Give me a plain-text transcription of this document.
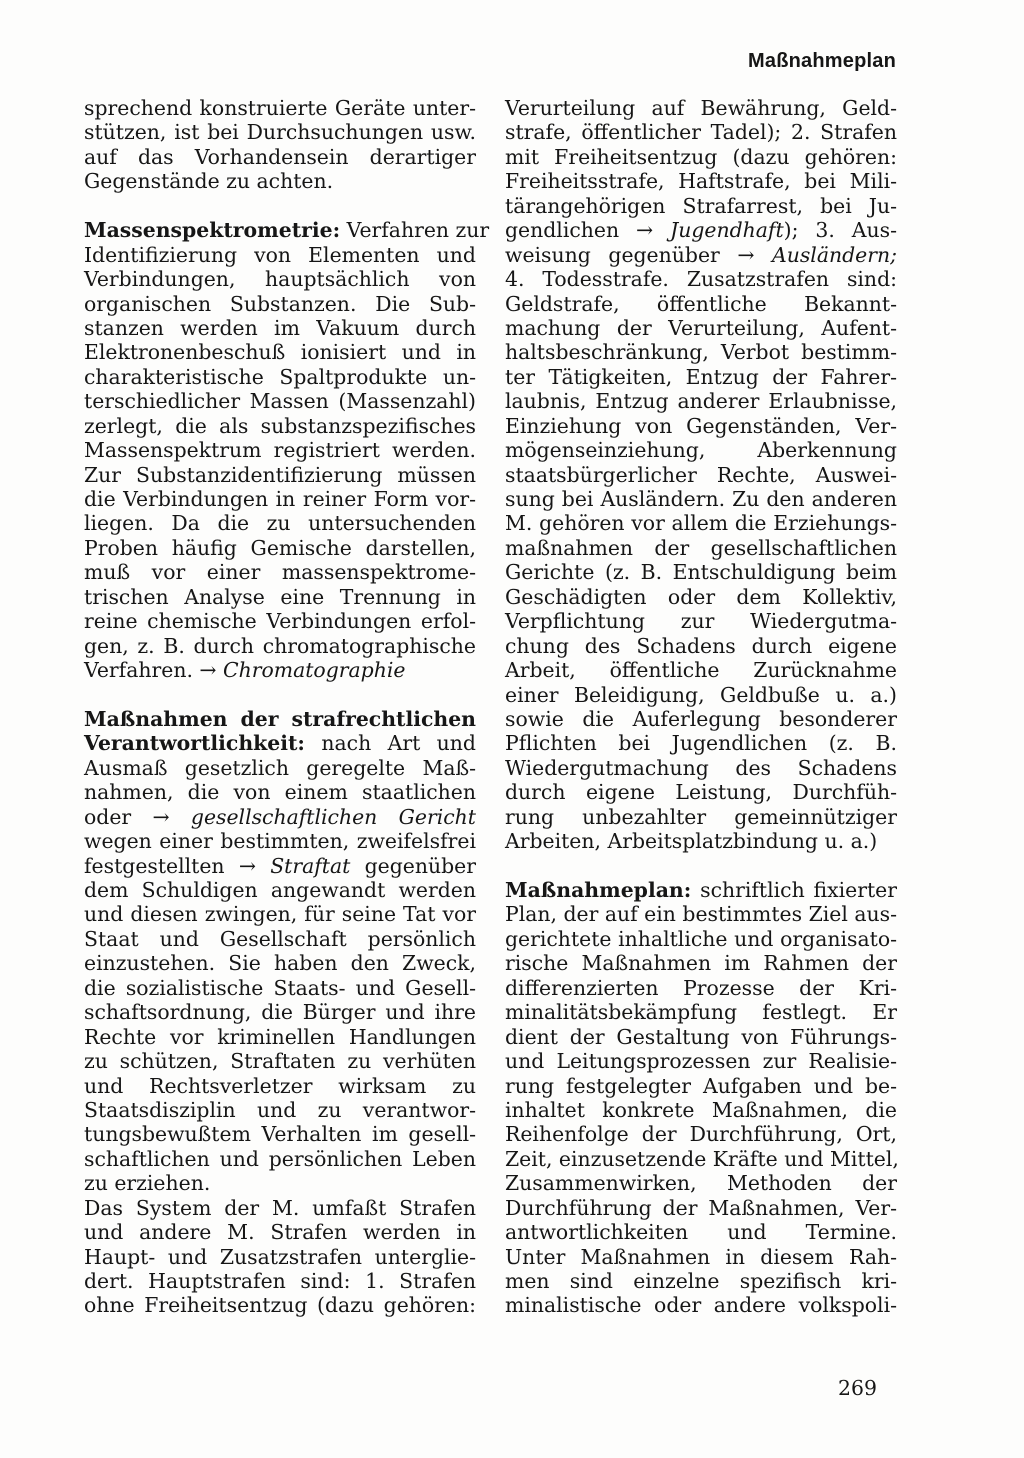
Maßnahmeplan
sprechend konstruierte Geräte unter-
stützen, ist bei Durchsuchungen usw.
auf das Vorhandensein derartiger
Gegenstände zu achten.
Massenspektrometrie: Verfahren zur
Identifizierung von Elementen und
Verbindungen, hauptsächlich von
organischen Substanzen. Die Sub-
stanzen werden im Vakuum durch
Elektronenbeschuß ionisiert und in
charakteristische Spaltprodukte un-
terschiedlicher Massen (Massenzahl)
zerlegt, die als substanzspezifisches
Massenspektrum registriert werden.
Zur Substanzidentifizierung müssen
die Verbindungen in reiner Form vor-
liegen. Da die zu untersuchenden
Proben häufig Gemische darstellen,
muß vor einer massenspektrome-
trischen Analyse eine Trennung in
reine chemische Verbindungen erfol-
gen, z. B. durch chromatographische
Verfahren. → Chromatographie
Maßnahmen der strafrechtlichen
Verantwortlichkeit: nach Art und
Ausmaß gesetzlich geregelte Maß-
nahmen, die von einem staatlichen
oder → gesellschaftlichen Gericht
wegen einer bestimmten, zweifelsfrei
festgestellten → Straftat gegenüber
dem Schuldigen angewandt werden
und diesen zwingen, für seine Tat vor
Staat und Gesellschaft persönlich
einzustehen. Sie haben den Zweck,
die sozialistische Staats- und Gesell-
schaftsordnung, die Bürger und ihre
Rechte vor kriminellen Handlungen
zu schützen, Straftaten zu verhüten
und Rechtsverletzer wirksam zu
Staatsdisziplin und zu verantwor-
tungsbewußtem Verhalten im gesell-
schaftlichen und persönlichen Leben
zu erziehen.
Das System der M. umfaßt Strafen
und andere M. Strafen werden in
Haupt- und Zusatzstrafen unterglie-
dert. Hauptstrafen sind: 1. Strafen
ohne Freiheitsentzug (dazu gehören:
Verurteilung auf Bewährung, Geld-
strafe, öffentlicher Tadel); 2. Strafen
mit Freiheitsentzug (dazu gehören:
Freiheitsstrafe, Haftstrafe, bei Mili-
tärangehörigen Strafarrest, bei Ju-
gendlichen → Jugendhaft); 3. Aus-
weisung gegenüber → Ausländern;
4. Todesstrafe. Zusatzstrafen sind:
Geldstrafe, öffentliche Bekannt-
machung der Verurteilung, Aufent-
haltsbeschränkung, Verbot bestimm-
ter Tätigkeiten, Entzug der Fahrer-
laubnis, Entzug anderer Erlaubnisse,
Einziehung von Gegenständen, Ver-
mögenseinziehung, Aberkennung
staatsbürgerlicher Rechte, Auswei-
sung bei Ausländern. Zu den anderen
M. gehören vor allem die Erziehungs-
maßnahmen der gesellschaftlichen
Gerichte (z. B. Entschuldigung beim
Geschädigten oder dem Kollektiv,
Verpflichtung zur Wiedergutma-
chung des Schadens durch eigene
Arbeit, öffentliche Zurücknahme
einer Beleidigung, Geldbuße u. a.)
sowie die Auferlegung besonderer
Pflichten bei Jugendlichen (z. B.
Wiedergutmachung des Schadens
durch eigene Leistung, Durchfüh-
rung unbezahlter gemeinnütziger
Arbeiten, Arbeitsplatzbindung u. a.)
Maßnahmeplan: schriftlich fixierter
Plan, der auf ein bestimmtes Ziel aus-
gerichtete inhaltliche und organisato-
rische Maßnahmen im Rahmen der
differenzierten Prozesse der Kri-
minalitätsbekämpfung festlegt. Er
dient der Gestaltung von Führungs-
und Leitungsprozessen zur Realisie-
rung festgelegter Aufgaben und be-
inhaltet konkrete Maßnahmen, die
Reihenfolge der Durchführung, Ort,
Zeit, einzusetzende Kräfte und Mittel,
Zusammenwirken, Methoden der
Durchführung der Maßnahmen, Ver-
antwortlichkeiten und Termine.
Unter Maßnahmen in diesem Rah-
men sind einzelne spezifisch kri-
minalistische oder andere volkspoli-
269
